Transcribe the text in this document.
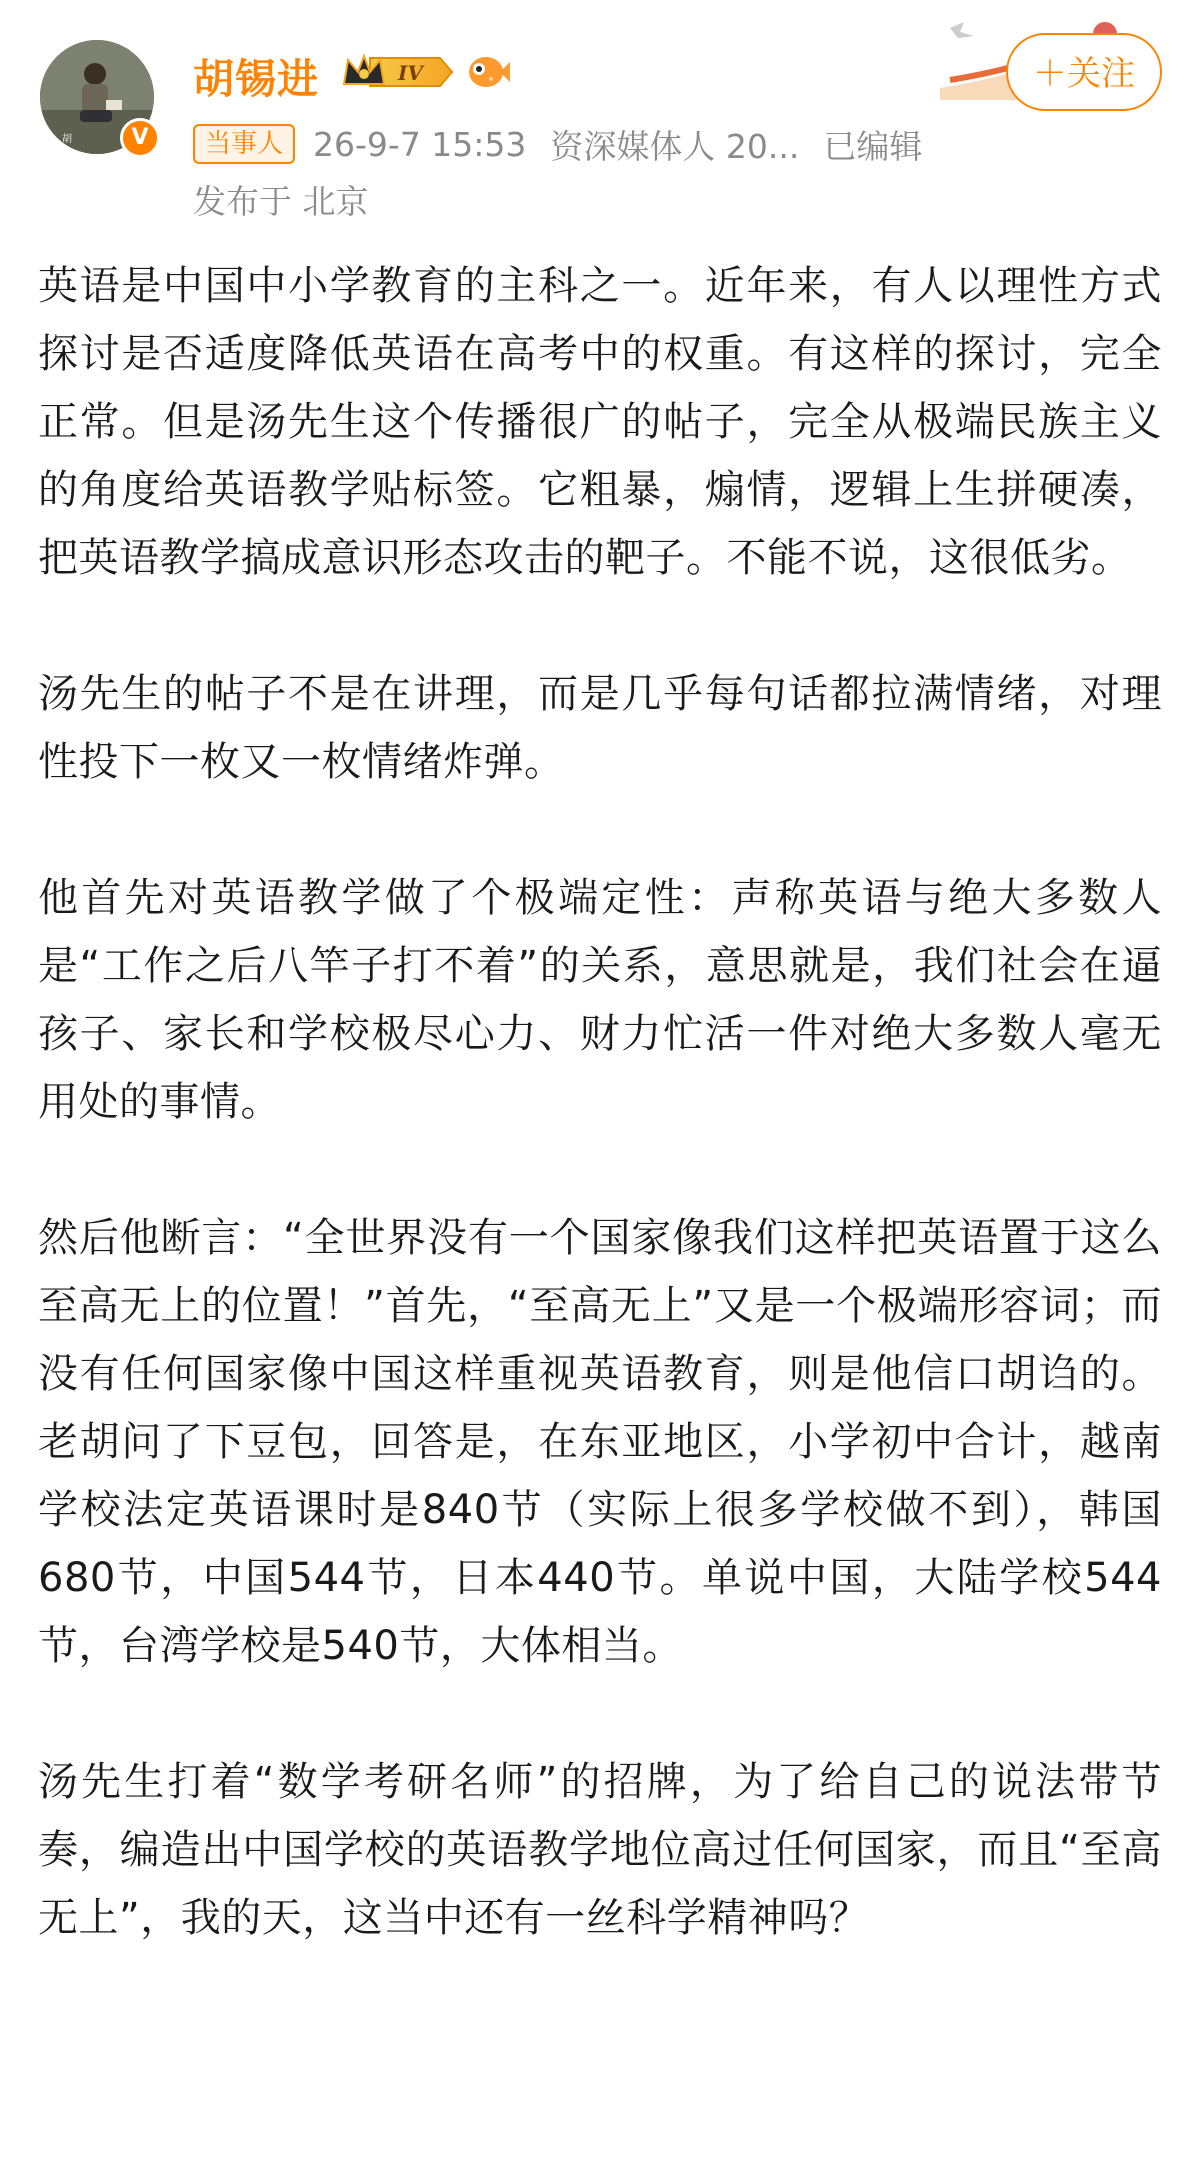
胡	V
胡锡进	IV	＋关注
当事人 26-9-7 15:53 资深媒体人 20... 已编辑
发布于 北京

英语是中国中小学教育的主科之一。近年来，有人以理性方式探讨是否适度降低英语在高考中的权重。有这样的探讨，完全正常。但是汤先生这个传播很广的帖子，完全从极端民族主义的角度给英语教学贴标签。它粗暴，煽情，逻辑上生拼硬凑，把英语教学搞成意识形态攻击的靶子。不能不说，这很低劣。

汤先生的帖子不是在讲理，而是几乎每句话都拉满情绪，对理性投下一枚又一枚情绪炸弹。

他首先对英语教学做了个极端定性：声称英语与绝大多数人是“工作之后八竿子打不着”的关系，意思就是，我们社会在逼孩子、家长和学校极尽心力、财力忙活一件对绝大多数人毫无用处的事情。

然后他断言：“全世界没有一个国家像我们这样把英语置于这么至高无上的位置！”首先，“至高无上”又是一个极端形容词；而没有任何国家像中国这样重视英语教育，则是他信口胡诌的。老胡问了下豆包，回答是，在东亚地区，小学初中合计，越南学校法定英语课时是840节（实际上很多学校做不到），韩国680节，中国544节，日本440节。单说中国，大陆学校544节，台湾学校是540节，大体相当。

汤先生打着“数学考研名师”的招牌，为了给自己的说法带节奏，编造出中国学校的英语教学地位高过任何国家，而且“至高无上”，我的天，这当中还有一丝科学精神吗？
